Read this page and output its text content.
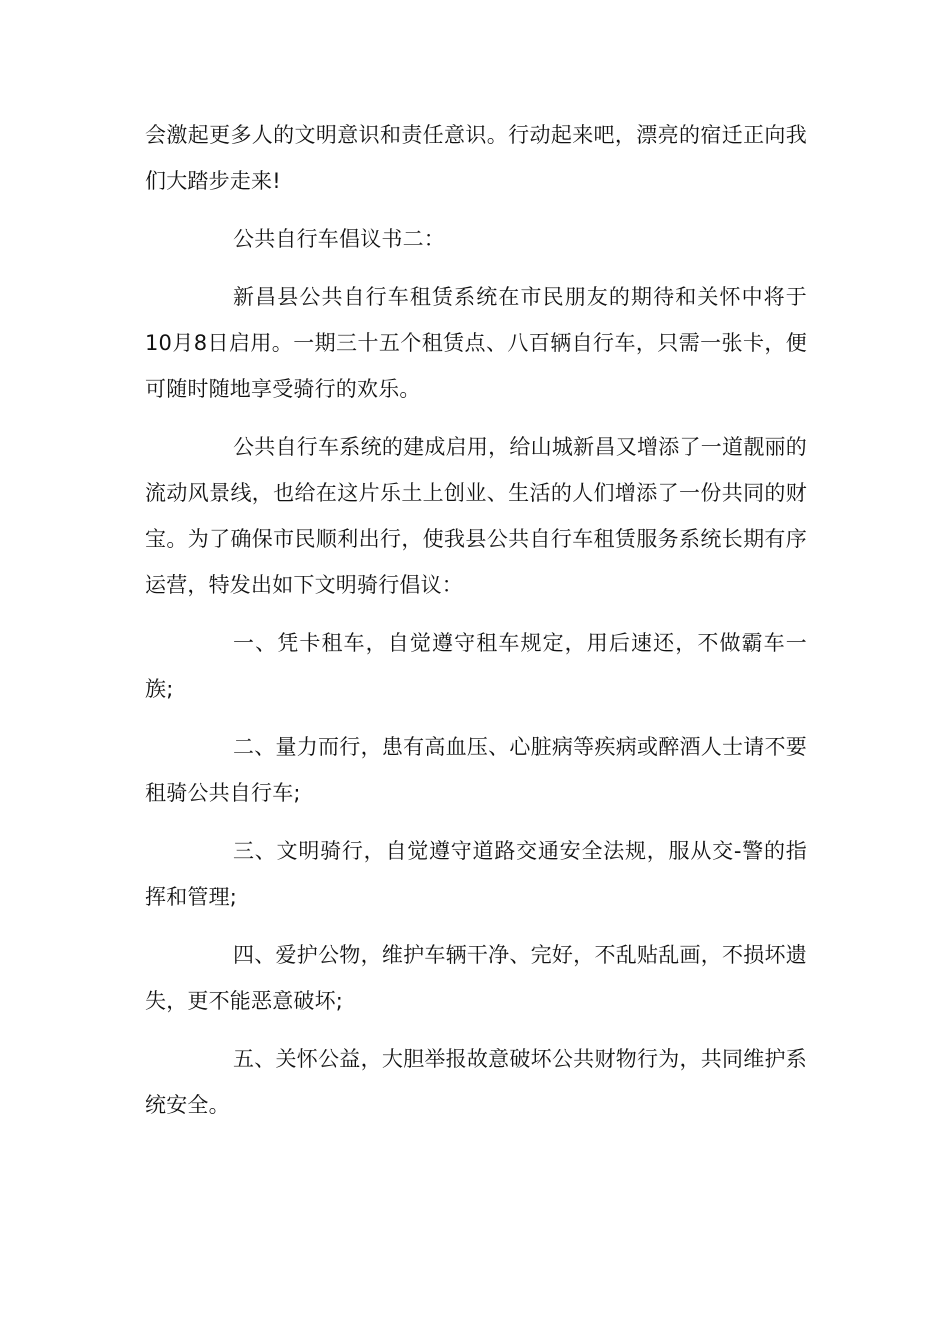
会激起更多人的文明意识和责任意识。行动起来吧，漂亮的宿迁正向我们大踏步走来!

公共自行车倡议书二：

新昌县公共自行车租赁系统在市民朋友的期待和关怀中将于10月8日启用。一期三十五个租赁点、八百辆自行车，只需一张卡，便可随时随地享受骑行的欢乐。

公共自行车系统的建成启用，给山城新昌又增添了一道靓丽的流动风景线，也给在这片乐土上创业、生活的人们增添了一份共同的财宝。为了确保市民顺利出行，使我县公共自行车租赁服务系统长期有序运营，特发出如下文明骑行倡议：

一、凭卡租车，自觉遵守租车规定，用后速还，不做霸车一族;

二、量力而行，患有高血压、心脏病等疾病或醉酒人士请不要租骑公共自行车;

三、文明骑行，自觉遵守道路交通安全法规，服从交-警的指挥和管理;

四、爱护公物，维护车辆干净、完好，不乱贴乱画，不损坏遗失，更不能恶意破坏;

五、关怀公益，大胆举报故意破坏公共财物行为，共同维护系统安全。
